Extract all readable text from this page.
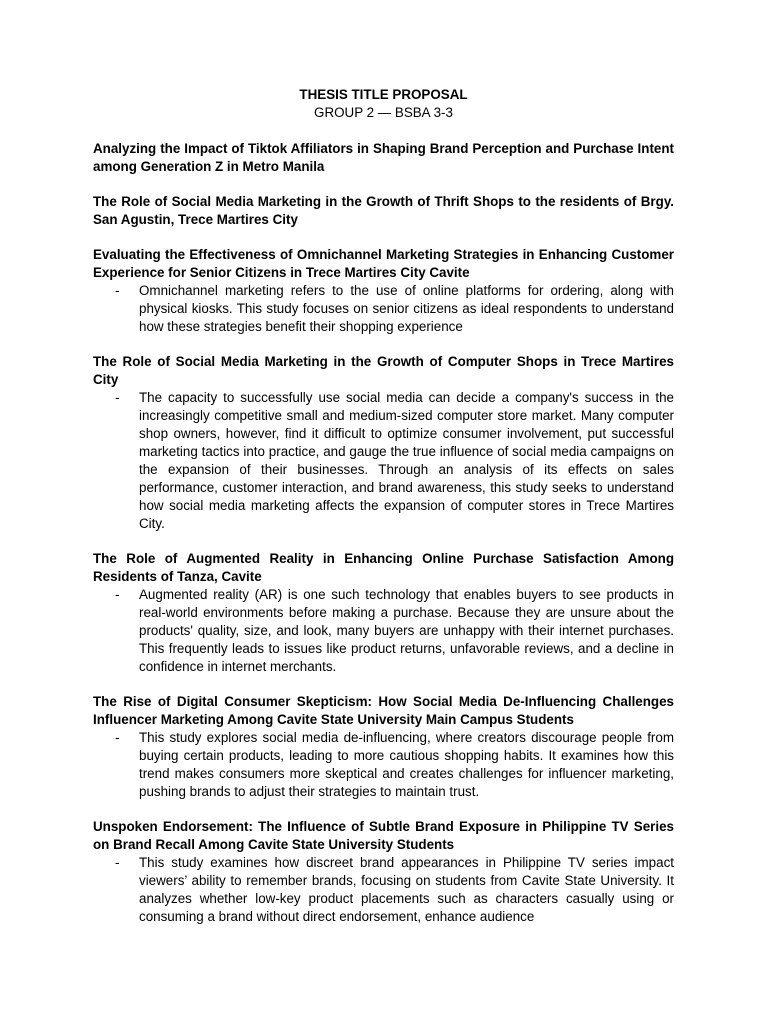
THESIS TITLE PROPOSAL
GROUP 2 — BSBA 3-3
Analyzing the Impact of Tiktok Affiliators in Shaping Brand Perception and Purchase Intent among Generation Z in Metro Manila
The Role of Social Media Marketing in the Growth of Thrift Shops to the residents of Brgy. San Agustin, Trece Martires City
Evaluating the Effectiveness of Omnichannel Marketing Strategies in Enhancing Customer Experience for Senior Citizens in Trece Martires City Cavite
-	Omnichannel marketing refers to the use of online platforms for ordering, along with physical kiosks. This study focuses on senior citizens as ideal respondents to understand how these strategies benefit their shopping experience
The Role of Social Media Marketing in the Growth of Computer Shops in Trece Martires City
-	The capacity to successfully use social media can decide a company's success in the increasingly competitive small and medium-sized computer store market. Many computer shop owners, however, find it difficult to optimize consumer involvement, put successful marketing tactics into practice, and gauge the true influence of social media campaigns on the expansion of their businesses. Through an analysis of its effects on sales performance, customer interaction, and brand awareness, this study seeks to understand how social media marketing affects the expansion of computer stores in Trece Martires City.
The Role of Augmented Reality in Enhancing Online Purchase Satisfaction Among Residents of Tanza, Cavite
-	Augmented reality (AR) is one such technology that enables buyers to see products in real-world environments before making a purchase. Because they are unsure about the products' quality, size, and look, many buyers are unhappy with their internet purchases. This frequently leads to issues like product returns, unfavorable reviews, and a decline in confidence in internet merchants.
The Rise of Digital Consumer Skepticism: How Social Media De-Influencing Challenges Influencer Marketing Among Cavite State University Main Campus Students
-	This study explores social media de-influencing, where creators discourage people from buying certain products, leading to more cautious shopping habits. It examines how this trend makes consumers more skeptical and creates challenges for influencer marketing, pushing brands to adjust their strategies to maintain trust.
Unspoken Endorsement: The Influence of Subtle Brand Exposure in Philippine TV Series on Brand Recall Among Cavite State University Students
-	This study examines how discreet brand appearances in Philippine TV series impact viewers’ ability to remember brands, focusing on students from Cavite State University. It analyzes whether low-key product placements such as characters casually using or consuming a brand without direct endorsement, enhance audience
